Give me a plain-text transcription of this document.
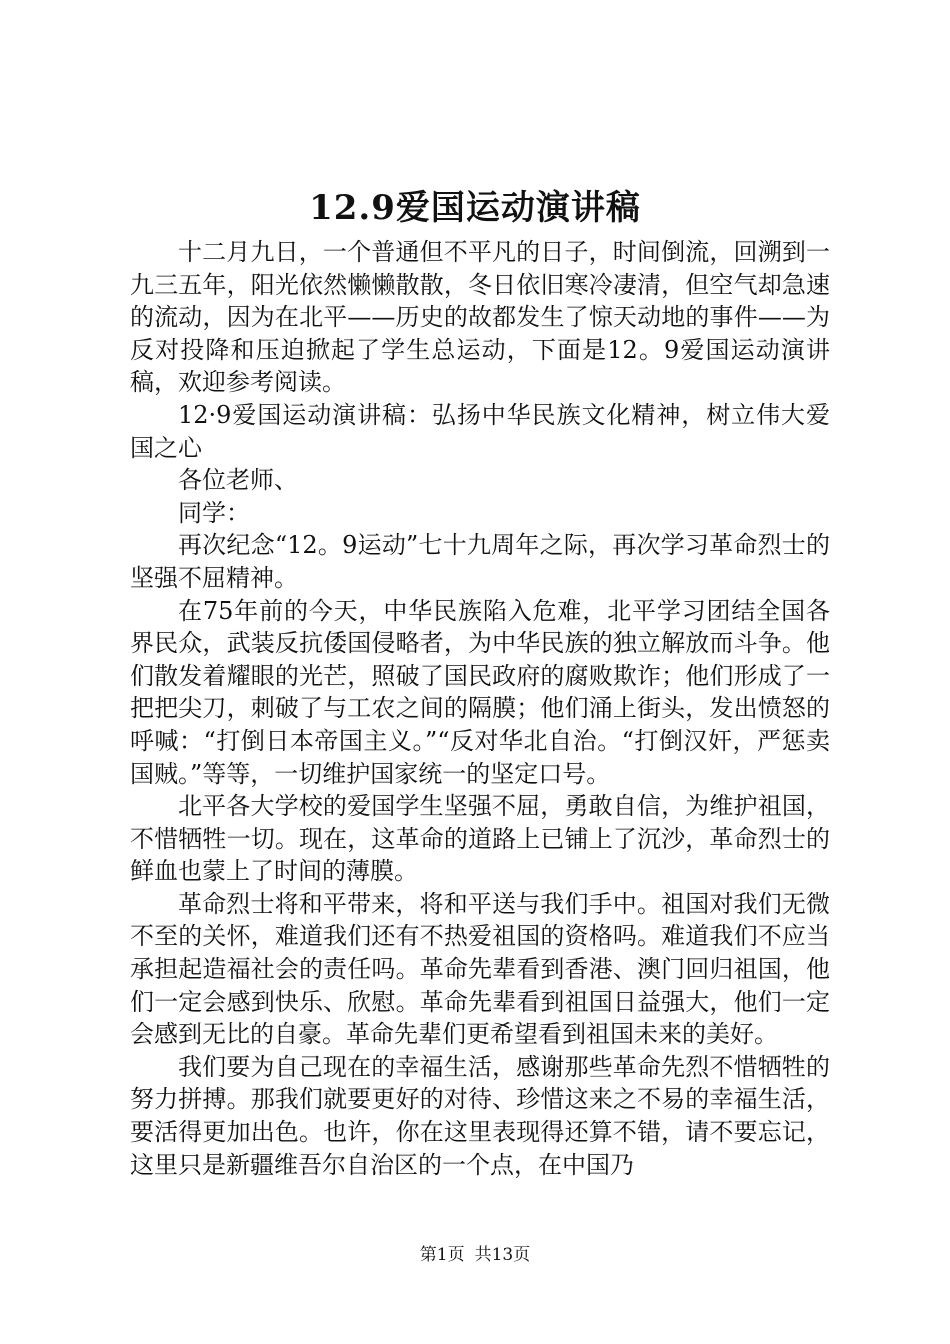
12.9爱国运动演讲稿

十二月九日，一个普通但不平凡的日子，时间倒流，回溯到一九三五年，阳光依然懒懒散散，冬日依旧寒冷凄清，但空气却急速的流动，因为在北平——历史的故都发生了惊天动地的事件——为反对投降和压迫掀起了学生总运动，下面是12。9爱国运动演讲稿，欢迎参考阅读。

12·9爱国运动演讲稿：弘扬中华民族文化精神，树立伟大爱国之心

各位老师、

同学：

再次纪念“12。9运动”七十九周年之际，再次学习革命烈士的坚强不屈精神。

在75年前的今天，中华民族陷入危难，北平学习团结全国各界民众，武装反抗倭国侵略者，为中华民族的独立解放而斗争。他们散发着耀眼的光芒，照破了国民政府的腐败欺诈；他们形成了一把把尖刀，刺破了与工农之间的隔膜；他们涌上街头，发出愤怒的呼喊：“打倒日本帝国主义。”“反对华北自治。“打倒汉奸，严惩卖国贼。”等等，一切维护国家统一的坚定口号。

北平各大学校的爱国学生坚强不屈，勇敢自信，为维护祖国，不惜牺牲一切。现在，这革命的道路上已铺上了沉沙，革命烈士的鲜血也蒙上了时间的薄膜。

革命烈士将和平带来，将和平送与我们手中。祖国对我们无微不至的关怀，难道我们还有不热爱祖国的资格吗。难道我们不应当承担起造福社会的责任吗。革命先辈看到香港、澳门回归祖国，他们一定会感到快乐、欣慰。革命先辈看到祖国日益强大，他们一定会感到无比的自豪。革命先辈们更希望看到祖国未来的美好。

我们要为自己现在的幸福生活，感谢那些革命先烈不惜牺牲的努力拼搏。那我们就要更好的对待、珍惜这来之不易的幸福生活，要活得更加出色。也许，你在这里表现得还算不错，请不要忘记，这里只是新疆维吾尔自治区的一个点，在中国乃

第1页 共13页
